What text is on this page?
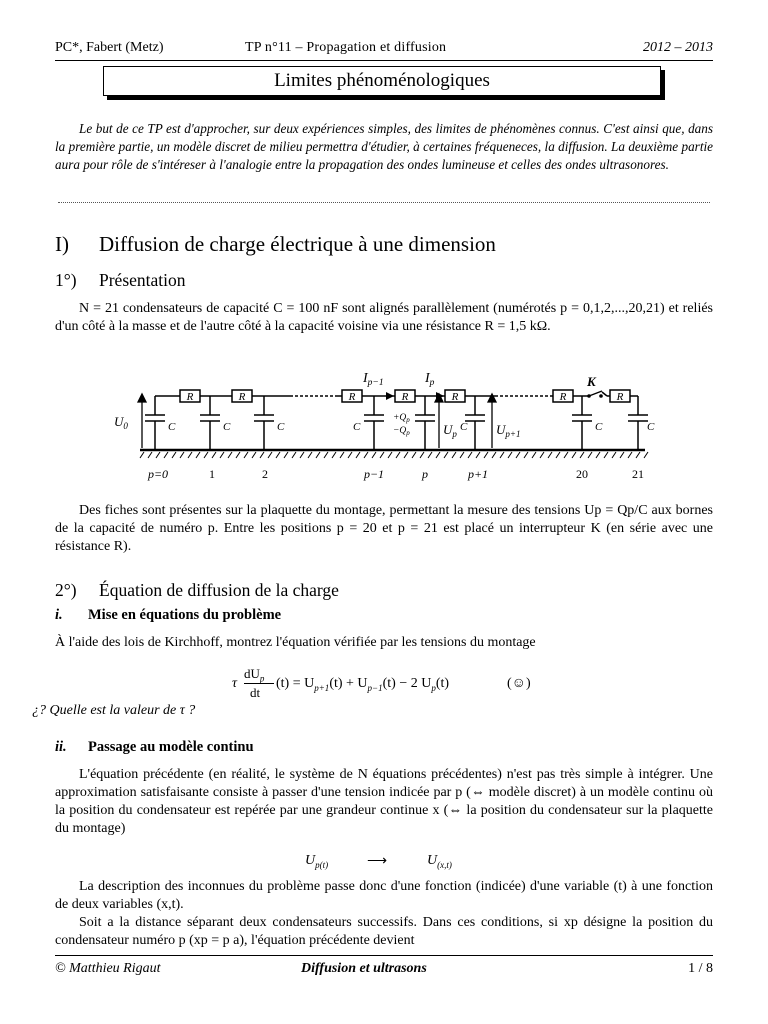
PC*, Fabert (Metz)	TP n°11 – Propagation et diffusion	2012 – 2013
Limites phénoménologiques
Le but de ce TP est d'approcher, sur deux expériences simples, des limites de phénomènes connus. C'est ainsi que, dans la première partie, un modèle discret de milieu permettra d'étudier, à certaines fréqueneces, la diffusion. La deuxième partie aura pour rôle de s'intéreser à l'analogie entre la propagation des ondes lumineuse et celles des ondes ultrasonores.
I) Diffusion de charge électrique à une dimension
1°) Présentation
N = 21 condensateurs de capacité C = 100 nF sont alignés parallèlement (numérotés p = 0,1,2,...,20,21) et reliés d'un côté à la masse et de l'autre côté à la capacité voisine via une résistance R = 1,5 kΩ.
R	R	R	R	R	R	R
K
C	C	C	C	C	C	C
$+Q_p$
$-Q_p$
$U_0$	$U_p$	$U_{p+1}$
$I_{p-1}$	$I_p$
p=0	1	2	p−1	p	p+1	20	21
Des fiches sont présentes sur la plaquette du montage, permettant la mesure des tensions Up = Qp/C aux bornes de la capacité de numéro p. Entre les positions p = 20 et p = 21 est placé un interrupteur K (en série avec une résistance R).
2°) Équation de diffusion de la charge
i. Mise en équations du problème
À l'aide des lois de Kirchhoff, montrez l'équation vérifiée par les tensions du montage
τ
$dU_p$
dt
$(t) = U_{p+1}(t) + U_{p-1}(t) - 2$ $U_p(t)$	(☺)
¿? Quelle est la valeur de τ ?
ii. Passage au modèle continu
L'équation précédente (en réalité, le système de N équations précédentes) n'est pas très simple à intégrer. Une approximation satisfaisante consiste à passer d'une tension indicée par p (⇔ modèle discret) à un modèle continu où la position du condensateur est repérée par une grandeur continue x (⇔ la position du condensateur sur la plaquette du montage)
$U_{p(t)}$	⟶	$U_{(x,t)}$
La description des inconnues du problème passe donc d'une fonction (indicée) d'une variable (t) à une fonction de deux variables (x,t).
Soit a la distance séparant deux condensateurs successifs. Dans ces conditions, si xp désigne la position du condensateur numéro p (xp = p a), l'équation précédente devient
© Matthieu Rigaut	Diffusion et ultrasons	1 / 8
